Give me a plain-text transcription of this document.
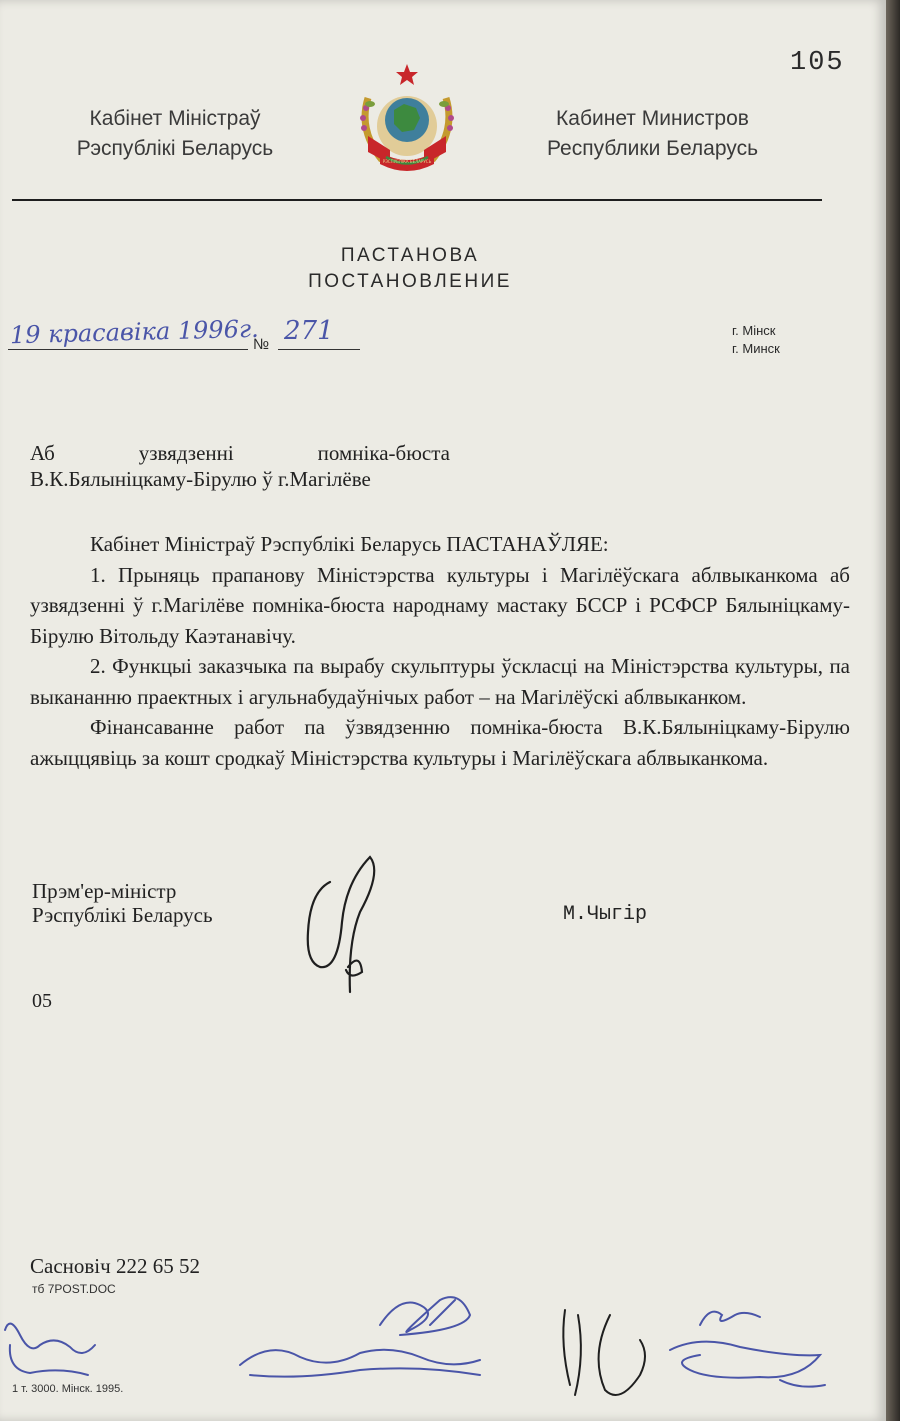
105
Кабінет Міністраў
Рэспублікі Беларусь
РЭСПУБЛІКА БЕЛАРУСЬ
Кабинет Министров
Республики Беларусь
ПАСТАНОВА
ПОСТАНОВЛЕНИЕ
19 красавіка 1996г.
№ 271	г. Мінск
г. Минск
Аб узвядзенні помніка-бюста
В.К.Бялыніцкаму-Бірулю ў г.Магілёве

Кабінет Міністраў Рэспублікі Беларусь ПАСТАНАЎЛЯЕ:

1. Прыняць прапанову Міністэрства культуры і Магілёўскага аблвыканкома аб узвядзенні ў г.Магілёве помніка-бюста народнаму мастаку БССР і РСФСР Бялыніцкаму-Бірулю Вітольду Каэтанавічу.

2. Функцыі заказчыка па вырабу скульптуры ўскласці на Міністэрства культуры, па выкананню праектных і агульнабудаўнічых работ – на Магілёўскі аблвыканком.

Фінансаванне работ па ўзвядзенню помніка-бюста В.К.Бялыніцкаму-Бірулю ажыццявіць за кошт сродкаў Міністэрства культуры і Магілёўскага аблвыканкома.

Прэм'ер-міністр
Рэспублікі Беларусь	М.Чыгір
05
Сасновіч 222 65 52
тб 7POST.DOC
1 т. 3000. Мінск. 1995.
